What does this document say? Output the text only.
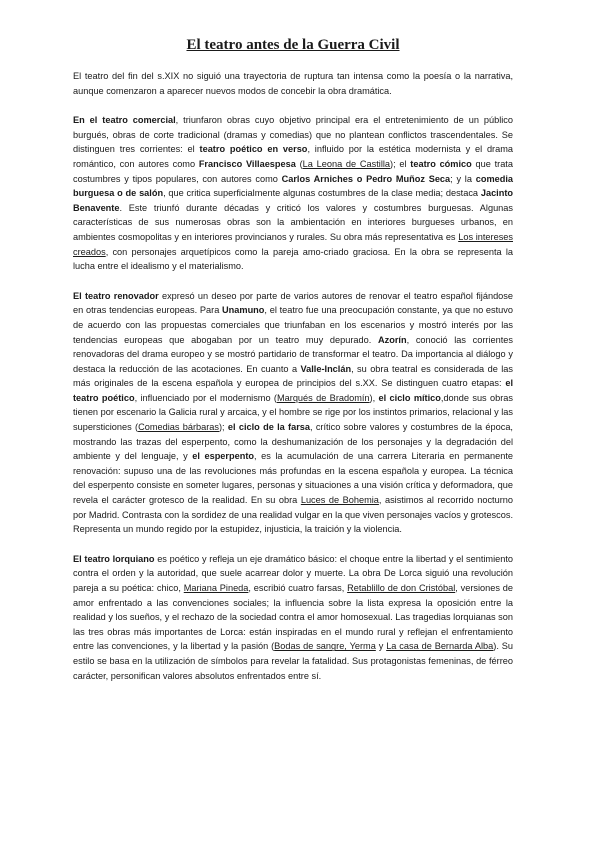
El teatro antes de la Guerra Civil

El teatro del fin del s.XIX no siguió una trayectoria de ruptura tan intensa como la poesía o la narrativa, aunque comenzaron a aparecer nuevos modos de concebir la obra dramática.

En el teatro comercial, triunfaron obras cuyo objetivo principal era el entretenimiento de un público burgués, obras de corte tradicional (dramas y comedias) que no plantean conflictos trascendentales. Se distinguen tres corrientes: el teatro poético en verso, influido por la estética modernista y el drama romántico, con autores como Francisco Villaespesa (La Leona de Castilla); el teatro cómico que trata costumbres y tipos populares, con autores como Carlos Arniches o Pedro Muñoz Seca; y la comedia burguesa o de salón, que critica superficialmente algunas costumbres de la clase media; destaca Jacinto Benavente. Este triunfó durante décadas y criticó los valores y costumbres burguesas. Algunas características de sus numerosas obras son la ambientación en interiores burgueses urbanos, en ambientes cosmopolitas y en interiores provincianos y rurales. Su obra más representativa es Los intereses creados, con personajes arquetípicos como la pareja amo-criado graciosa. En la obra se representa la lucha entre el idealismo y el materialismo.

El teatro renovador expresó un deseo por parte de varios autores de renovar el teatro español fijándose en otras tendencias europeas. Para Unamuno, el teatro fue una preocupación constante, ya que no estuvo de acuerdo con las propuestas comerciales que triunfaban en los escenarios y mostró interés por las tendencias europeas que abogaban por un teatro muy depurado. Azorín, conoció las corrientes renovadoras del drama europeo y se mostró partidario de transformar el teatro. Da importancia al diálogo y destaca la reducción de las acotaciones. En cuanto a Valle-Inclán, su obra teatral es considerada de las más originales de la escena española y europea de principios del s.XX. Se distinguen cuatro etapas: el teatro poético, influenciado por el modernismo (Marqués de Bradomín), el ciclo mítico,donde sus obras tienen por escenario la Galicia rural y arcaica, y el hombre se rige por los instintos primarios, relacional y las supersticiones (Comedias bárbaras); el ciclo de la farsa, crítico sobre valores y costumbres de la época, mostrando las trazas del esperpento, como la deshumanización de los personajes y la degradación del ambiente y del lenguaje, y el esperpento, es la acumulación de una carrera Literaria en permanente renovación: supuso una de las revoluciones más profundas en la escena española y europea. La técnica del esperpento consiste en someter lugares, personas y situaciones a una visión crítica y deformadora, que revela el carácter grotesco de la realidad. En su obra Luces de Bohemia, asistimos al recorrido nocturno por Madrid. Contrasta con la sordidez de una realidad vulgar en la que viven personajes vacíos y grotescos. Representa un mundo regido por la estupidez, injusticia, la traición y la violencia.

El teatro lorquiano es poético y refleja un eje dramático básico: el choque entre la libertad y el sentimiento contra el orden y la autoridad, que suele acarrear dolor y muerte. La obra De Lorca siguió una revolución pareja a su poética: chico, Mariana Pineda, escribió cuatro farsas, Retablillo de don Cristóbal, versiones de amor enfrentado a las convenciones sociales; la influencia sobre la lista expresa la oposición entre la realidad y los sueños, y el rechazo de la sociedad contra el amor homosexual. Las tragedias lorquianas son las tres obras más importantes de Lorca: están inspiradas en el mundo rural y reflejan el enfrentamiento entre las convenciones, y la libertad y la pasión (Bodas de sangre, Yerma y La casa de Bernarda Alba). Su estilo se basa en la utilización de símbolos para revelar la fatalidad. Sus protagonistas femeninas, de férreo carácter, personifican valores absolutos enfrentados entre sí.
